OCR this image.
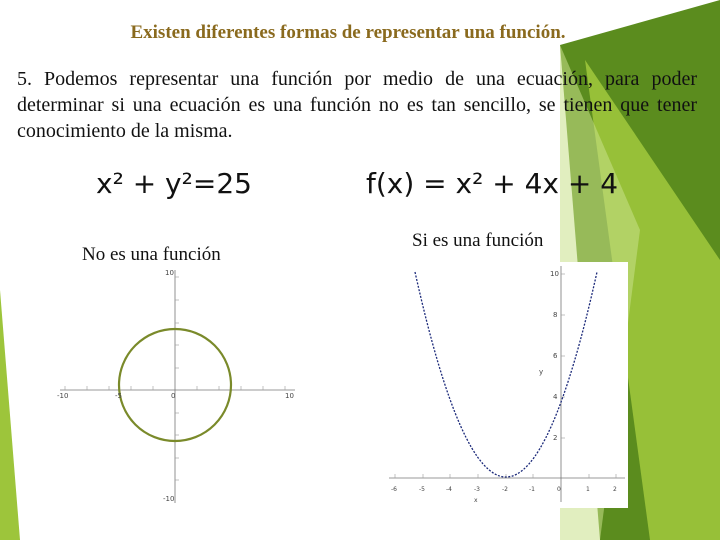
Existen diferentes formas de representar una función.
5. Podemos representar una función por medio de una ecuación, para poder determinar si una ecuación es una función no es tan sencillo, se tienen que tener conocimiento de la misma.
x² + y²=25	f(x) = x² + 4x + 4
No es una función
Si es una función
10
-10
-10	-5	0	10
10
8
6
4
2
y
-6	-5	-4	-3	-2	-1	0	1	2
x
